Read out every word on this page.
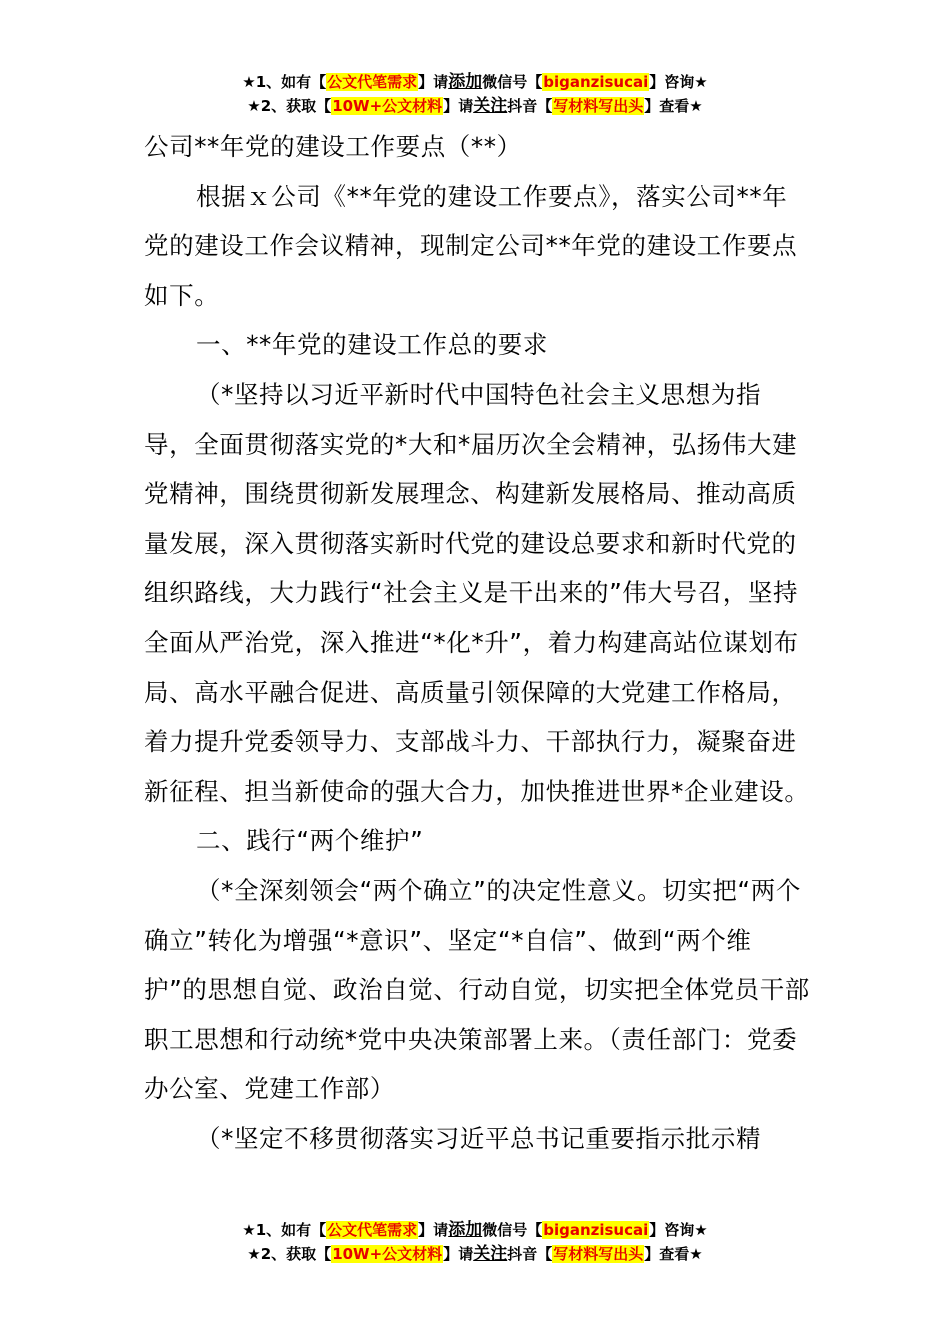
★1、如有【公文代笔需求】请添加微信号【biganzisucai】咨询★
★2、获取【10W+公文材料】请关注抖音【写材料写出头】查看★

公司**年党的建设工作要点（**）

根据ｘ公司《**年党的建设工作要点》，落实公司**年党的建设工作会议精神，现制定公司**年党的建设工作要点如下。

一、**年党的建设工作总的要求

（*坚持以习近平新时代中国特色社会主义思想为指导，全面贯彻落实党的*大和*届历次全会精神，弘扬伟大建党精神，围绕贯彻新发展理念、构建新发展格局、推动高质量发展，深入贯彻落实新时代党的建设总要求和新时代党的组织路线，大力践行“社会主义是干出来的”伟大号召，坚持全面从严治党，深入推进“*化*升”，着力构建高站位谋划布局、高水平融合促进、高质量引领保障的大党建工作格局，着力提升党委领导力、支部战斗力、干部执行力，凝聚奋进新征程、担当新使命的强大合力，加快推进世界*企业建设。

二、践行“两个维护”

（*全深刻领会“两个确立”的决定性意义。切实把“两个确立”转化为增强“*意识”、坚定“*自信”、做到“两个维护”的思想自觉、政治自觉、行动自觉，切实把全体党员干部职工思想和行动统*党中央决策部署上来。（责任部门：党委办公室、党建工作部）

（*坚定不移贯彻落实习近平总书记重要指示批示精

★1、如有【公文代笔需求】请添加微信号【biganzisucai】咨询★
★2、获取【10W+公文材料】请关注抖音【写材料写出头】查看★
